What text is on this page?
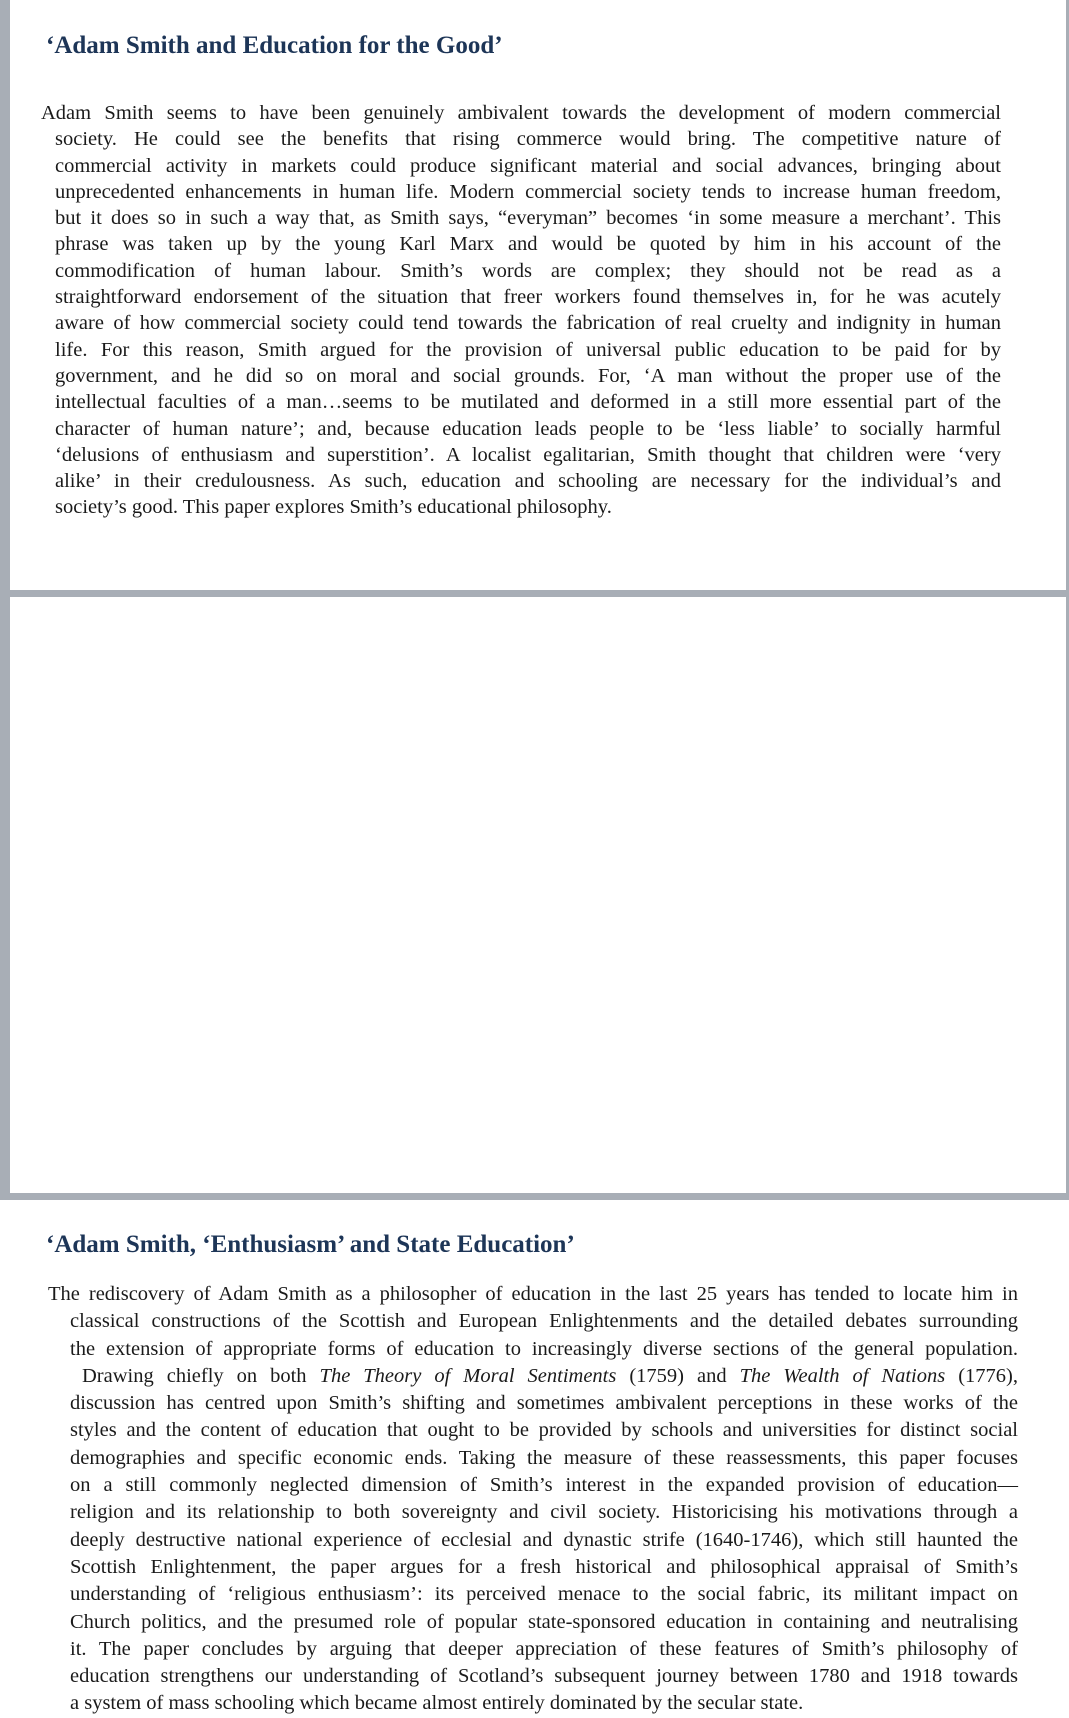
‘Adam Smith and Education for the Good’
Adam Smith seems to have been genuinely ambivalent towards the development of modern commercial
society. He could see the benefits that rising commerce would bring. The competitive nature of
commercial activity in markets could produce significant material and social advances, bringing about
unprecedented enhancements in human life. Modern commercial society tends to increase human freedom,
but it does so in such a way that, as Smith says, “everyman” becomes ‘in some measure a merchant’. This
phrase was taken up by the young Karl Marx and would be quoted by him in his account of the
commodification of human labour. Smith’s words are complex; they should not be read as a
straightforward endorsement of the situation that freer workers found themselves in, for he was acutely
aware of how commercial society could tend towards the fabrication of real cruelty and indignity in human
life. For this reason, Smith argued for the provision of universal public education to be paid for by
government, and he did so on moral and social grounds. For, ‘A man without the proper use of the
intellectual faculties of a man…seems to be mutilated and deformed in a still more essential part of the
character of human nature’; and, because education leads people to be ‘less liable’ to socially harmful
‘delusions of enthusiasm and superstition’. A localist egalitarian, Smith thought that children were ‘very
alike’ in their credulousness. As such, education and schooling are necessary for the individual’s and
society’s good. This paper explores Smith’s educational philosophy.
‘Adam Smith, ‘Enthusiasm’ and State Education’
The rediscovery of Adam Smith as a philosopher of education in the last 25 years has tended to locate him in
classical constructions of the Scottish and European Enlightenments and the detailed debates surrounding
the extension of appropriate forms of education to increasingly diverse sections of the general population.
Drawing chiefly on both The Theory of Moral Sentiments (1759) and The Wealth of Nations (1776),
discussion has centred upon Smith’s shifting and sometimes ambivalent perceptions in these works of the
styles and the content of education that ought to be provided by schools and universities for distinct social
demographies and specific economic ends. Taking the measure of these reassessments, this paper focuses
on a still commonly neglected dimension of Smith’s interest in the expanded provision of education—
religion and its relationship to both sovereignty and civil society. Historicising his motivations through a
deeply destructive national experience of ecclesial and dynastic strife (1640-1746), which still haunted the
Scottish Enlightenment, the paper argues for a fresh historical and philosophical appraisal of Smith’s
understanding of ‘religious enthusiasm’: its perceived menace to the social fabric, its militant impact on
Church politics, and the presumed role of popular state-sponsored education in containing and neutralising
it. The paper concludes by arguing that deeper appreciation of these features of Smith’s philosophy of
education strengthens our understanding of Scotland’s subsequent journey between 1780 and 1918 towards
a system of mass schooling which became almost entirely dominated by the secular state.
